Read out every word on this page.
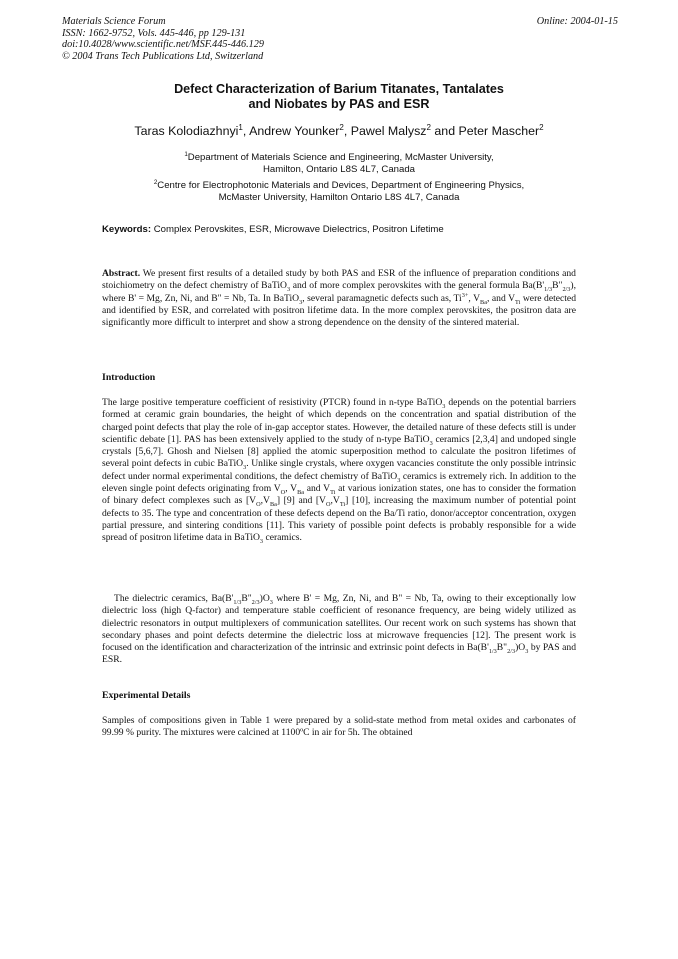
Materials Science Forum
ISSN: 1662-9752, Vols. 445-446, pp 129-131
doi:10.4028/www.scientific.net/MSF.445-446.129
© 2004 Trans Tech Publications Ltd, Switzerland
Online: 2004-01-15
Defect Characterization of Barium Titanates, Tantalates
and Niobates by PAS and ESR
Taras Kolodiazhnyi$^1$, Andrew Younker$^2$, Pawel Malysz$^2$ and Peter Mascher$^2$
$^1$Department of Materials Science and Engineering, McMaster University,
Hamilton, Ontario L8S 4L7, Canada
$^2$Centre for Electrophotonic Materials and Devices, Department of Engineering Physics,
McMaster University, Hamilton Ontario L8S 4L7, Canada
Keywords: Complex Perovskites, ESR, Microwave Dielectrics, Positron Lifetime

Abstract. We present first results of a detailed study by both PAS and ESR of the influence of preparation conditions and stoichiometry on the defect chemistry of BaTiO$_3$ and of more complex perovskites with the general formula $Ba(B'_{1/3}B"_{2/3})$, where B' = Mg, Zn, Ni, and B" = Nb, Ta. In BaTiO$_3$, several paramagnetic defects such as, $Ti^{3+}$, $V_{Ba}$, and $V_{Ti}$ were detected and identified by ESR, and correlated with positron lifetime data. In the more complex perovskites, the positron data are significantly more difficult to interpret and show a strong dependence on the density of the sintered material.

Introduction

The large positive temperature coefficient of resistivity (PTCR) found in n-type BaTiO$_3$ depends on the potential barriers formed at ceramic grain boundaries, the height of which depends on the concentration and spatial distribution of the charged point defects that play the role of in-gap acceptor states. However, the detailed nature of these defects still is under scientific debate [1]. PAS has been extensively applied to the study of n-type BaTiO$_3$ ceramics [2,3,4] and undoped single crystals [5,6,7]. Ghosh and Nielsen [8] applied the atomic superposition method to calculate the positron lifetimes of several point defects in cubic BaTiO$_3$. Unlike single crystals, where oxygen vacancies constitute the only possible intrinsic defect under normal experimental conditions, the defect chemistry of BaTiO$_3$ ceramics is extremely rich. In addition to the eleven single point defects originating from $V_O$, $V_{Ba}$ and $V_{Ti}$ at various ionization states, one has to consider the formation of binary defect complexes such as $[V_O,V_{Ba}]$ [9] and $[V_O,V_{Ti}]$ [10], increasing the maximum number of potential point defects to 35. The type and concentration of these defects depend on the Ba/Ti ratio, donor/acceptor concentration, oxygen partial pressure, and sintering conditions [11]. This variety of possible point defects is probably responsible for a wide spread of positron lifetime data in BaTiO$_3$ ceramics.

The dielectric ceramics, $Ba(B'_{1/3}B"_{2/3})O_3$ where B' = Mg, Zn, Ni, and B" = Nb, Ta, owing to their exceptionally low dielectric loss (high Q-factor) and temperature stable coefficient of resonance frequency, are being widely utilized as dielectric resonators in output multiplexers of communication satellites. Our recent work on such systems has shown that secondary phases and point defects determine the dielectric loss at microwave frequencies [12]. The present work is focused on the identification and characterization of the intrinsic and extrinsic point defects in $Ba(B'_{1/3}B"_{2/3})O_3$ by PAS and ESR.

Experimental Details

Samples of compositions given in Table 1 were prepared by a solid-state method from metal oxides and carbonates of 99.99 % purity. The mixtures were calcined at 1100ºC in air for 5h. The obtained
